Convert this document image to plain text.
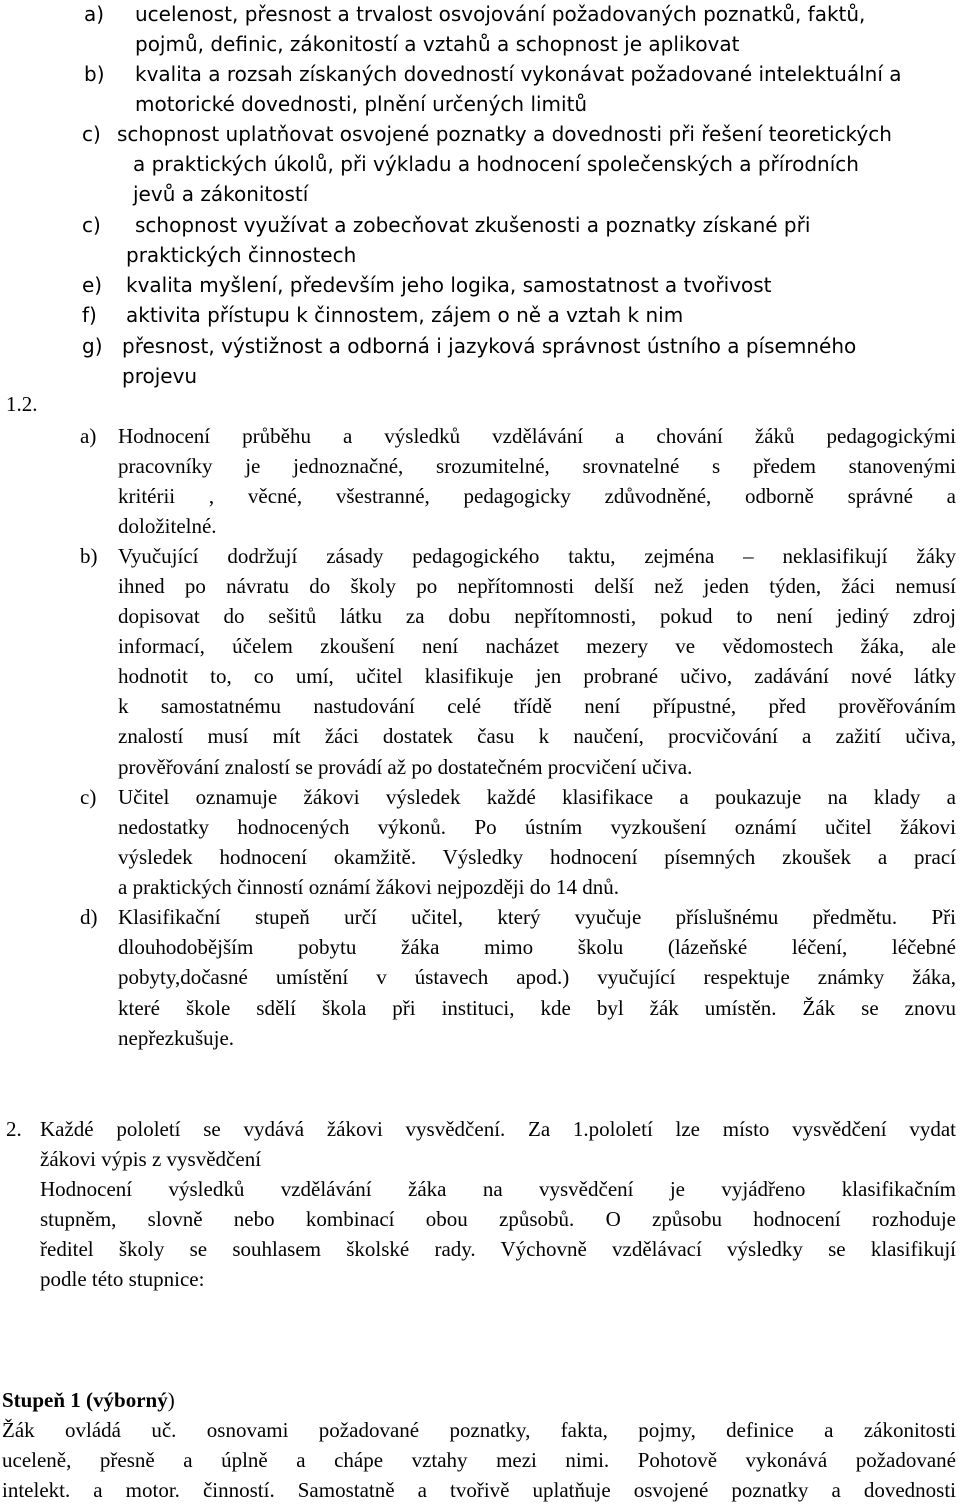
a) ucelenost, přesnost a trvalost osvojování požadovaných poznatků, faktů,
pojmů, definic, zákonitostí a vztahů a schopnost je aplikovat
b) kvalita a rozsah získaných dovedností vykonávat požadované intelektuální a
motorické dovednosti, plnění určených limitů
c) schopnost uplatňovat osvojené poznatky a dovednosti při řešení teoretických
a praktických úkolů, při výkladu a hodnocení společenských a přírodních
jevů a zákonitostí
c) schopnost využívat a zobecňovat zkušenosti a poznatky získané při
praktických činnostech
e) kvalita myšlení, především jeho logika, samostatnost a tvořivost
f) aktivita přístupu k činnostem, zájem o ně a vztah k nim
g) přesnost, výstižnost a odborná i jazyková správnost ústního a písemného
projevu
1.2.
a) Hodnocení průběhu a výsledků vzdělávání a chování žáků pedagogickými
pracovníky je jednoznačné, srozumitelné, srovnatelné s předem stanovenými
kritérii , věcné, všestranné, pedagogicky zdůvodněné, odborně správné a
doložitelné.
b) Vyučující dodržují zásady pedagogického taktu, zejména – neklasifikují žáky
ihned po návratu do školy po nepřítomnosti delší než jeden týden, žáci nemusí
dopisovat do sešitů látku za dobu nepřítomnosti, pokud to není jediný zdroj
informací, účelem zkoušení není nacházet mezery ve vědomostech žáka, ale
hodnotit to, co umí, učitel klasifikuje jen probrané učivo, zadávání nové látky
k samostatnému nastudování celé třídě není přípustné, před prověřováním
znalostí musí mít žáci dostatek času k naučení, procvičování a zažití učiva,
prověřování znalostí se provádí až po dostatečném procvičení učiva.
c) Učitel oznamuje žákovi výsledek každé klasifikace a poukazuje na klady a
nedostatky hodnocených výkonů. Po ústním vyzkoušení oznámí učitel žákovi
výsledek hodnocení okamžitě. Výsledky hodnocení písemných zkoušek a prací
a praktických činností oznámí žákovi nejpozději do 14 dnů.
d) Klasifikační stupeň určí učitel, který vyučuje příslušnému předmětu. Při
dlouhodobějším pobytu žáka mimo školu (lázeňské léčení, léčebné
pobyty,dočasné umístění v ústavech apod.) vyučující respektuje známky žáka,
které škole sdělí škola při instituci, kde byl žák umístěn. Žák se znovu
nepřezkušuje.
2. Každé pololetí se vydává žákovi vysvědčení. Za 1.pololetí lze místo vysvědčení vydat
žákovi výpis z vysvědčení
Hodnocení výsledků vzdělávání žáka na vysvědčení je vyjádřeno klasifikačním
stupněm, slovně nebo kombinací obou způsobů. O způsobu hodnocení rozhoduje
ředitel školy se souhlasem školské rady. Výchovně vzdělávací výsledky se klasifikují
podle této stupnice:
Stupeň 1 (výborný)
Žák ovládá uč. osnovami požadované poznatky, fakta, pojmy, definice a zákonitosti
uceleně, přesně a úplně a chápe vztahy mezi nimi. Pohotově vykonává požadované
intelekt. a motor. činností. Samostatně a tvořivě uplatňuje osvojené poznatky a dovednosti
